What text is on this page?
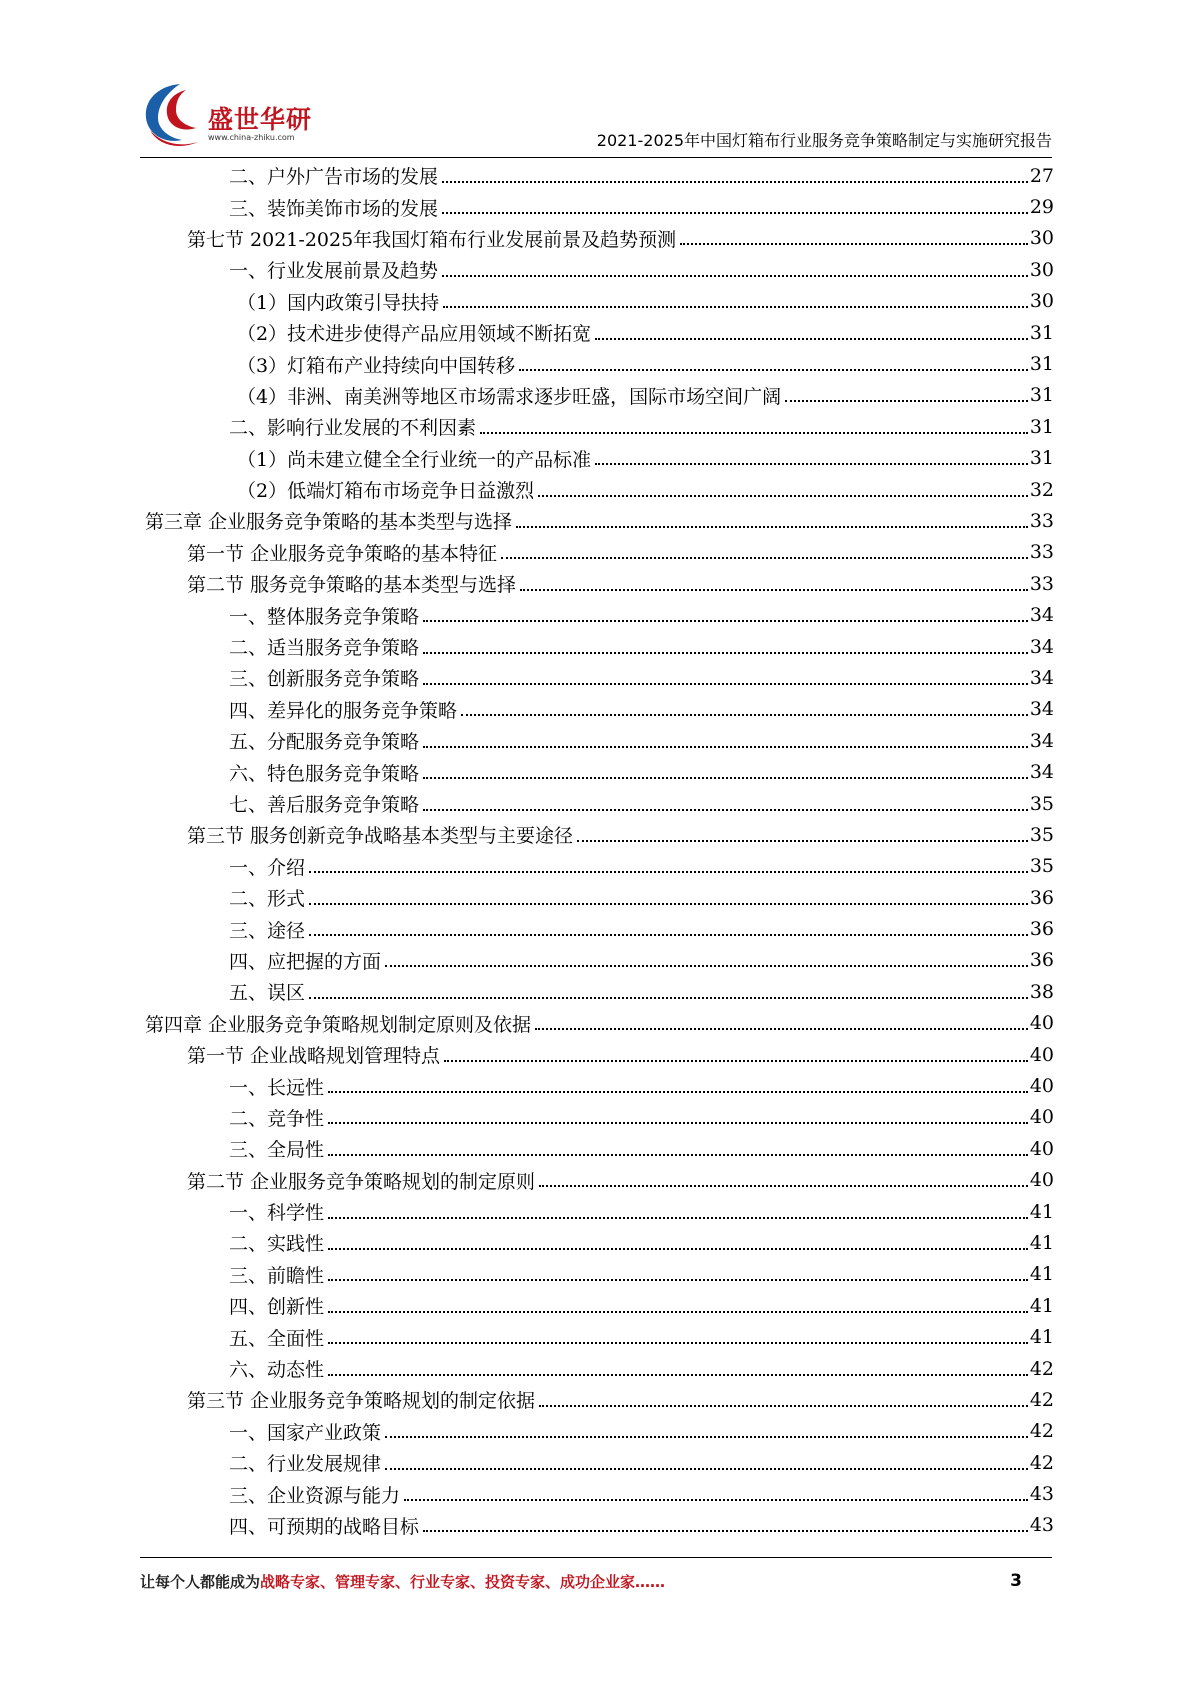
盛世华研
www.china-zhiku.com	2021-2025年中国灯箱布行业服务竞争策略制定与实施研究报告
二、户外广告市场的发展	27
三、装饰美饰市场的发展	29
第七节 2021-2025年我国灯箱布行业发展前景及趋势预测	30
一、行业发展前景及趋势	30
（1）国内政策引导扶持	30
（2）技术进步使得产品应用领域不断拓宽	31
（3）灯箱布产业持续向中国转移	31
（4）非洲、南美洲等地区市场需求逐步旺盛，国际市场空间广阔	31
二、影响行业发展的不利因素	31
（1）尚未建立健全全行业统一的产品标准	31
（2）低端灯箱布市场竞争日益激烈	32
第三章 企业服务竞争策略的基本类型与选择	33
第一节 企业服务竞争策略的基本特征	33
第二节 服务竞争策略的基本类型与选择	33
一、整体服务竞争策略	34
二、适当服务竞争策略	34
三、创新服务竞争策略	34
四、差异化的服务竞争策略	34
五、分配服务竞争策略	34
六、特色服务竞争策略	34
七、善后服务竞争策略	35
第三节 服务创新竞争战略基本类型与主要途径	35
一、介绍	35
二、形式	36
三、途径	36
四、应把握的方面	36
五、误区	38
第四章 企业服务竞争策略规划制定原则及依据	40
第一节 企业战略规划管理特点	40
一、长远性	40
二、竞争性	40
三、全局性	40
第二节 企业服务竞争策略规划的制定原则	40
一、科学性	41
二、实践性	41
三、前瞻性	41
四、创新性	41
五、全面性	41
六、动态性	42
第三节 企业服务竞争策略规划的制定依据	42
一、国家产业政策	42
二、行业发展规律	42
三、企业资源与能力	43
四、可预期的战略目标	43
让每个人都能成为战略专家、管理专家、行业专家、投资专家、成功企业家……	3
